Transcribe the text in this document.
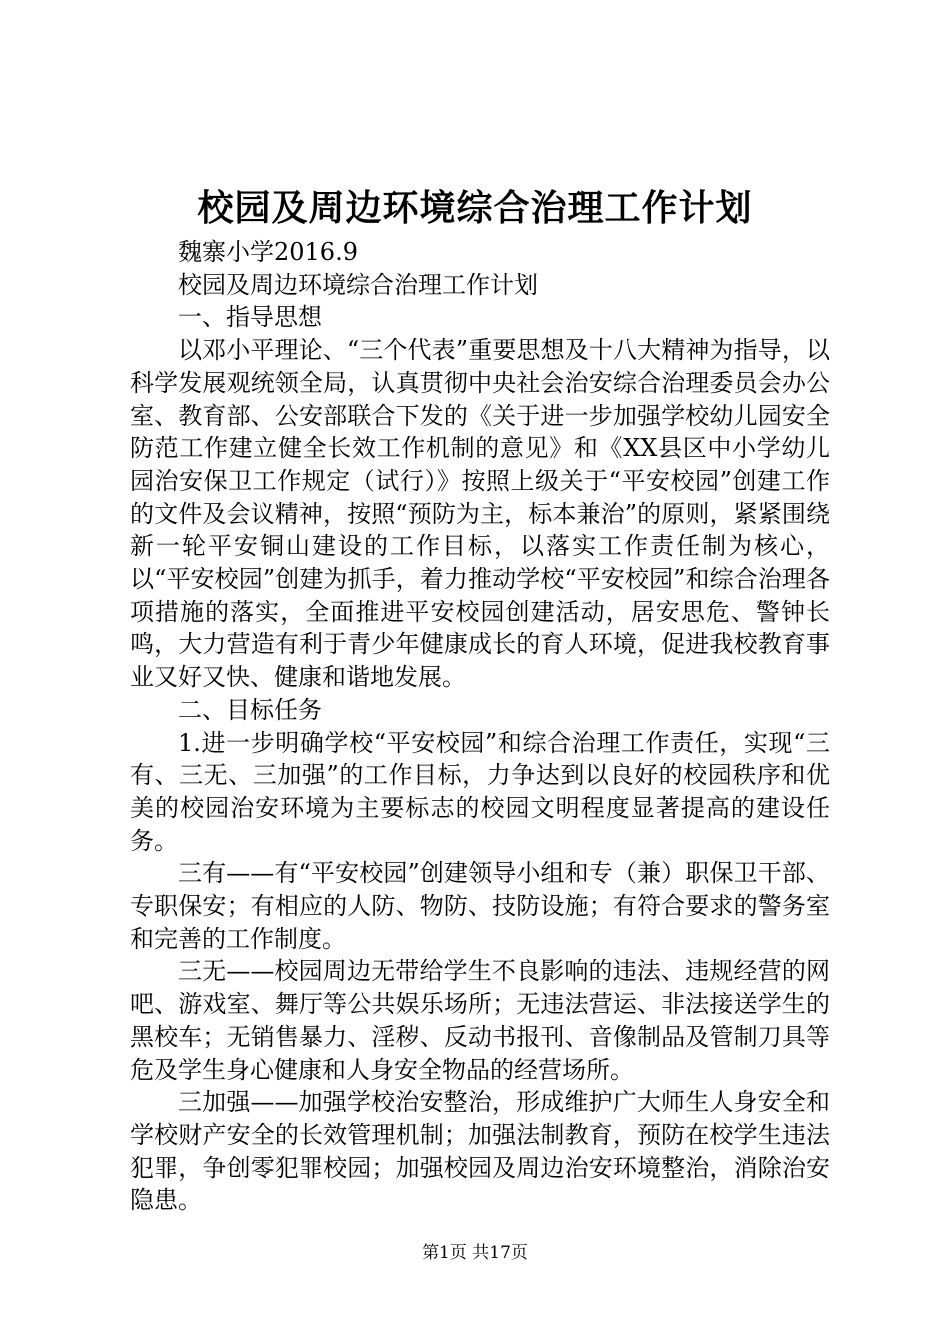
校园及周边环境综合治理工作计划

魏寨小学2016.9

校园及周边环境综合治理工作计划

一、指导思想

以邓小平理论、“三个代表”重要思想及十八大精神为指导，以科学发展观统领全局，认真贯彻中央社会治安综合治理委员会办公室、教育部、公安部联合下发的《关于进一步加强学校幼儿园安全防范工作建立健全长效工作机制的意见》和《XX县区中小学幼儿园治安保卫工作规定（试行）》按照上级关于“平安校园”创建工作的文件及会议精神，按照“预防为主，标本兼治”的原则，紧紧围绕新一轮平安铜山建设的工作目标，以落实工作责任制为核心，以“平安校园”创建为抓手，着力推动学校“平安校园”和综合治理各项措施的落实，全面推进平安校园创建活动，居安思危、警钟长鸣，大力营造有利于青少年健康成长的育人环境，促进我校教育事业又好又快、健康和谐地发展。

二、目标任务

1.进一步明确学校“平安校园”和综合治理工作责任，实现“三有、三无、三加强”的工作目标，力争达到以良好的校园秩序和优美的校园治安环境为主要标志的校园文明程度显著提高的建设任务。

三有——有“平安校园”创建领导小组和专（兼）职保卫干部、专职保安；有相应的人防、物防、技防设施；有符合要求的警务室和完善的工作制度。

三无——校园周边无带给学生不良影响的违法、违规经营的网吧、游戏室、舞厅等公共娱乐场所；无违法营运、非法接送学生的黑校车；无销售暴力、淫秽、反动书报刊、音像制品及管制刀具等危及学生身心健康和人身安全物品的经营场所。

三加强——加强学校治安整治，形成维护广大师生人身安全和学校财产安全的长效管理机制；加强法制教育，预防在校学生违法犯罪，争创零犯罪校园；加强校园及周边治安环境整治，消除治安隐患。

第1页 共17页
